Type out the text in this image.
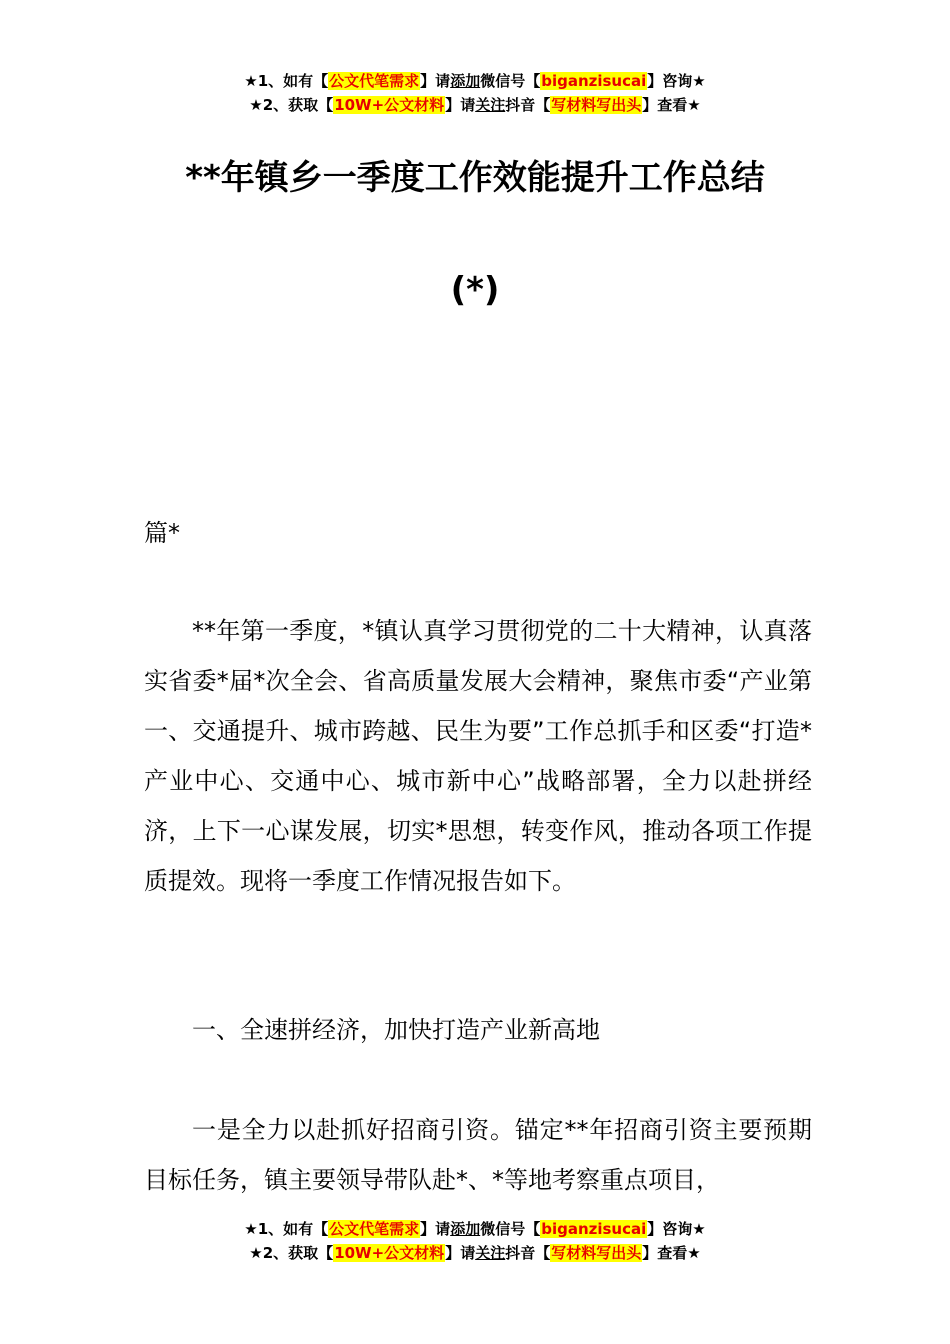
★1、如有【公文代笔需求】请添加微信号【biganzisucai】咨询★
★2、获取【10W+公文材料】请关注抖音【写材料写出头】查看★
**年镇乡一季度工作效能提升工作总结
(*)

篇*

**年第一季度，*镇认真学习贯彻党的二十大精神，认真落实省委*届*次全会、省高质量发展大会精神，聚焦市委“产业第一、交通提升、城市跨越、民生为要”工作总抓手和区委“打造*产业中心、交通中心、城市新中心”战略部署，全力以赴拼经济，上下一心谋发展，切实*思想，转变作风，推动各项工作提质提效。现将一季度工作情况报告如下。

一、全速拼经济，加快打造产业新高地

一是全力以赴抓好招商引资。锚定**年招商引资主要预期目标任务，镇主要领导带队赴*、*等地考察重点项目，

★1、如有【公文代笔需求】请添加微信号【biganzisucai】咨询★
★2、获取【10W+公文材料】请关注抖音【写材料写出头】查看★
